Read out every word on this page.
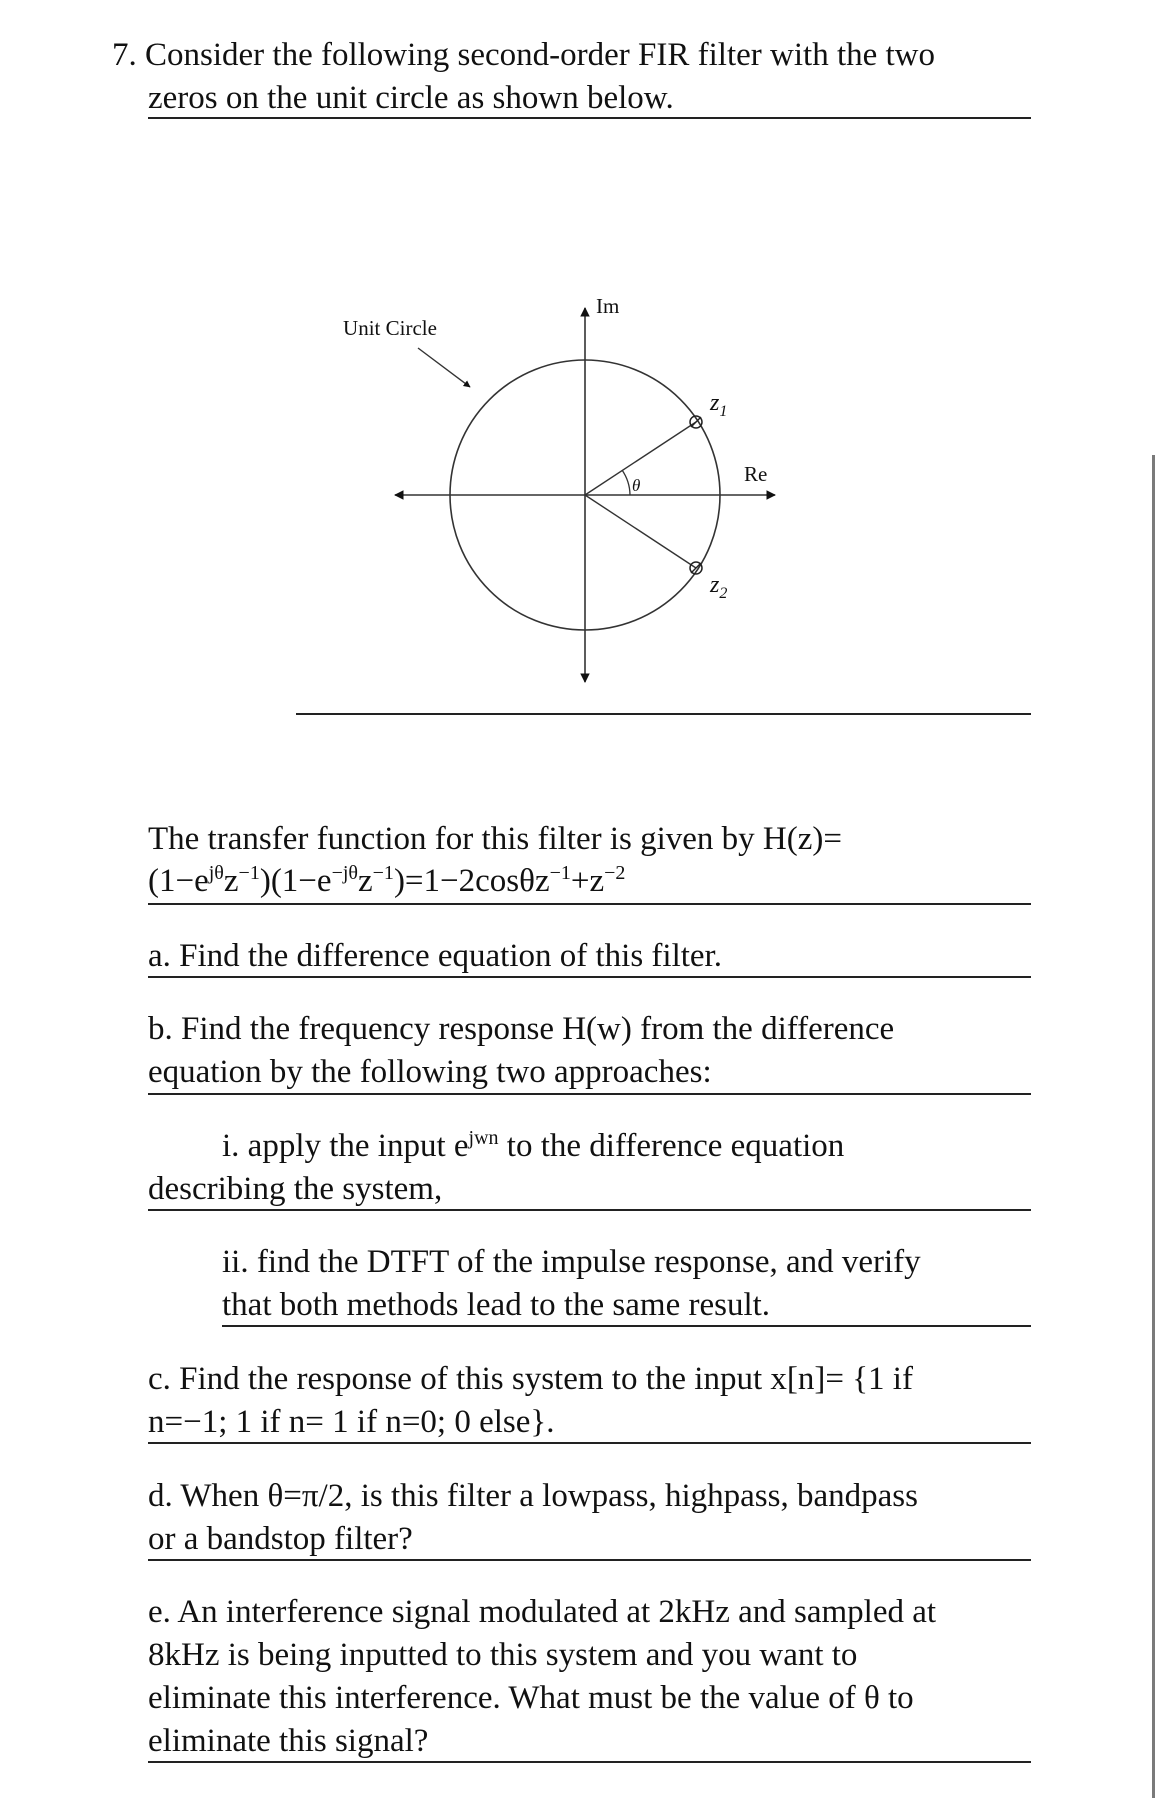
7. Consider the following second-order FIR filter with the two
zeros on the unit circle as shown below.
θ
$z_1$
$z_2$
Im
Re
Unit Circle
The transfer function for this filter is given by H(z)=
$(1-e^{j\theta}z^{-1})(1-e^{-j\theta}z^{-1})=1-2\cos\theta z^{-1}+z^{-2}$
a. Find the difference equation of this filter.
b. Find the frequency response H(w) from the difference
equation by the following two approaches:
i. apply the input $e^{jwn}$ to the difference equation
describing the system,
ii. find the DTFT of the impulse response, and verify
that both methods lead to the same result.
c. Find the response of this system to the input x[n]= {1 if
n=−1; 1 if n= 1 if n=0; 0 else}.
d. When θ=π/2, is this filter a lowpass, highpass, bandpass
or a bandstop filter?
e. An interference signal modulated at 2kHz and sampled at
8kHz is being inputted to this system and you want to
eliminate this interference. What must be the value of θ to
eliminate this signal?
